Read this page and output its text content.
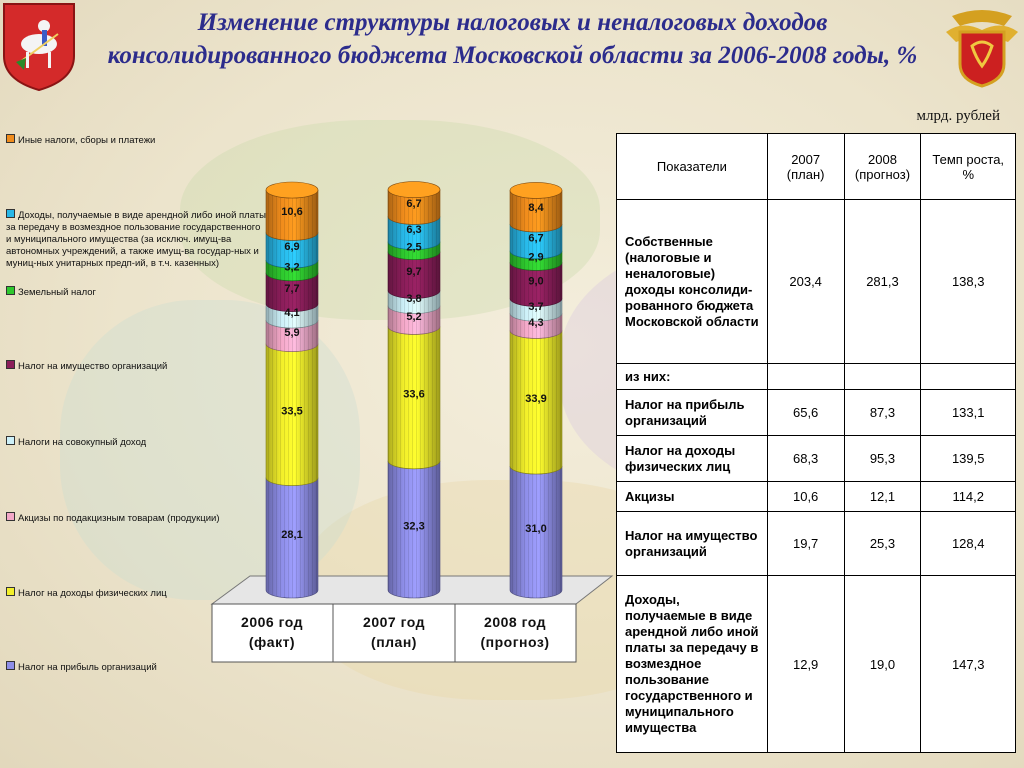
Изменение структуры налоговых и неналоговых доходов
консолидированного бюджета Московской области за 2006-2008 годы, %
млрд. рублей
Иные налоги, сборы и платежи
Доходы, получаемые в виде арендной либо иной платы за передачу в возмездное пользование государственного и муниципального имущества (за исключ. имущ-ва автономных учреждений, а также имущ-ва государ-ных и муниц-ных унитарных предп-ий, в т.ч. казенных)
Земельный налог
Налог на имущество организаций
Налоги на совокупный доход
Акцизы по подакцизным товарам (продукции)
Налог на доходы физических лиц
Налог на прибыль организаций
28,1
33,5
5,9
4,1
7,7
3,2
6,9
10,6
32,3
33,6
5,2
3,8
9,7
2,5
6,3
6,7
31,0
33,9
4,3
3,7
9,0
2,9
6,7
8,4
2006 год
(факт)
2007 год
(план)
2008 год
(прогноз)
Показатели	2007 (план)	2008 (прогноз)	Темп роста, %
Собственные (налоговые и неналоговые) доходы консолиди-рованного бюджета Московской области	203,4	281,3	138,3
из них:			
Налог на прибыль организаций	65,6	87,3	133,1
Налог на доходы физических лиц	68,3	95,3	139,5
Акцизы	10,6	12,1	114,2
Налог на имущество организаций	19,7	25,3	128,4
Доходы, получаемые в виде арендной либо иной платы за передачу в возмездное пользование государственного и муниципального имущества	12,9	19,0	147,3
